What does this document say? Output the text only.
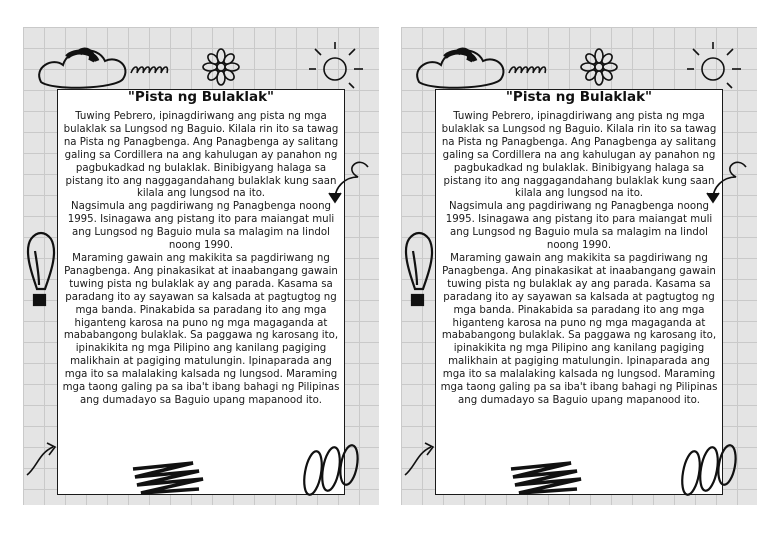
"Pista ng Bulaklak"

Tuwing Pebrero, ipinagdiriwang ang pista ng mga bulaklak sa Lungsod ng Baguio. Kilala rin ito sa tawag na Pista ng Panagbenga. Ang Panagbenga ay salitang galing sa Cordillera na ang kahulugan ay panahon ng pagbukadkad ng bulaklak. Binibigyang halaga sa pistang ito ang naggagandahang bulaklak kung saan kilala ang lungsod na ito.

Nagsimula ang pagdiriwang ng Panagbenga noong 1995. Isinagawa ang pistang ito para maiangat muli ang Lungsod ng Baguio mula sa malagim na lindol noong 1990.

Maraming gawain ang makikita sa pagdiriwang ng Panagbenga. Ang pinakasikat at inaabangang gawain tuwing pista ng bulaklak ay ang parada. Kasama sa paradang ito ay sayawan sa kalsada at pagtugtog ng mga banda. Pinakabida sa paradang ito ang mga higanteng karosa na puno ng mga magaganda at mababangong bulaklak. Sa paggawa ng karosang ito, ipinakikita ng mga Pilipino ang kanilang pagiging malikhain at pagiging matulungin. Ipinaparada ang mga ito sa malalaking kalsada ng lungsod. Maraming mga taong galing pa sa iba't ibang bahagi ng Pilipinas ang dumadayo sa Baguio upang mapanood ito.

"Pista ng Bulaklak"

Tuwing Pebrero, ipinagdiriwang ang pista ng mga bulaklak sa Lungsod ng Baguio. Kilala rin ito sa tawag na Pista ng Panagbenga. Ang Panagbenga ay salitang galing sa Cordillera na ang kahulugan ay panahon ng pagbukadkad ng bulaklak. Binibigyang halaga sa pistang ito ang naggagandahang bulaklak kung saan kilala ang lungsod na ito.

Nagsimula ang pagdiriwang ng Panagbenga noong 1995. Isinagawa ang pistang ito para maiangat muli ang Lungsod ng Baguio mula sa malagim na lindol noong 1990.

Maraming gawain ang makikita sa pagdiriwang ng Panagbenga. Ang pinakasikat at inaabangang gawain tuwing pista ng bulaklak ay ang parada. Kasama sa paradang ito ay sayawan sa kalsada at pagtugtog ng mga banda. Pinakabida sa paradang ito ang mga higanteng karosa na puno ng mga magaganda at mababangong bulaklak. Sa paggawa ng karosang ito, ipinakikita ng mga Pilipino ang kanilang pagiging malikhain at pagiging matulungin. Ipinaparada ang mga ito sa malalaking kalsada ng lungsod. Maraming mga taong galing pa sa iba't ibang bahagi ng Pilipinas ang dumadayo sa Baguio upang mapanood ito.
